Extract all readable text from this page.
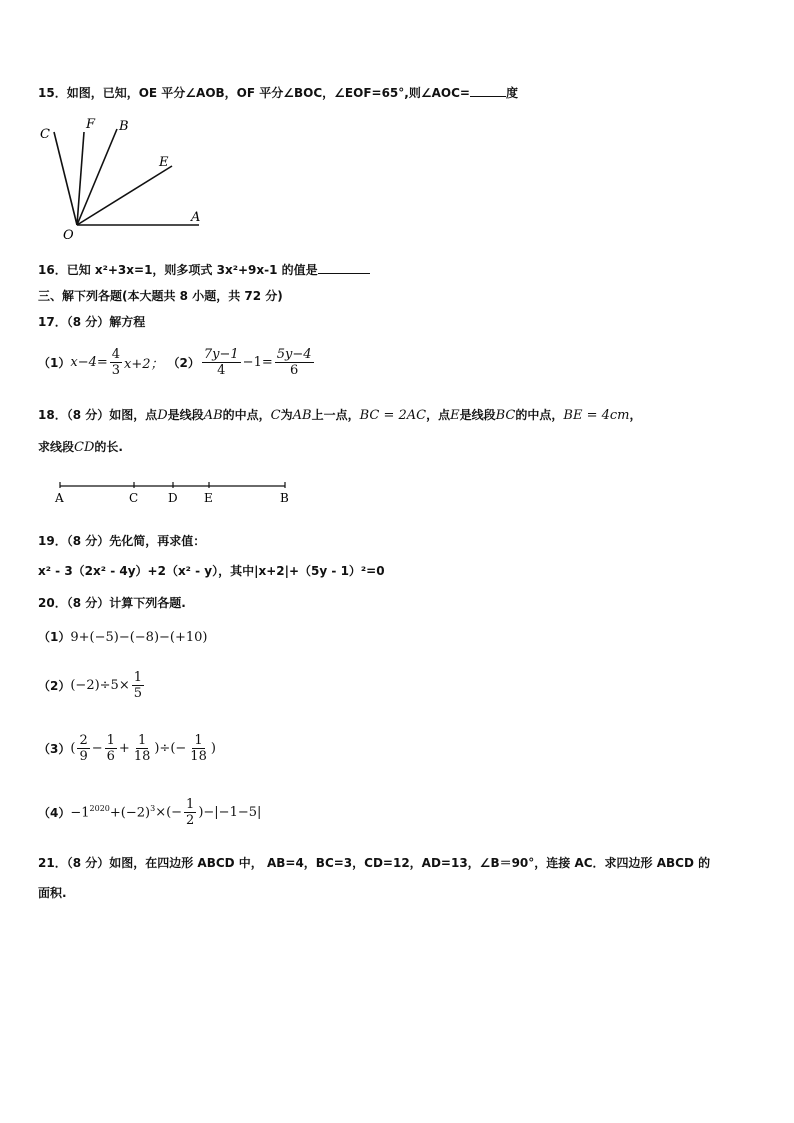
15．如图，已知，OE 平分∠AOB，OF 平分∠BOC，∠EOF=65°,则∠AOC=	度
C
F B
E
A
O
16．已知 x²+3x=1，则多项式 3x²+9x-1 的值是
三、解下列各题(本大题共 8 小题，共 72 分)
17．（8 分）解方程
（1） $x-4= \frac{4}{3} x+2$； $(2) \frac{7y-1}{4} -1= \frac{5y-4}{6}$
18．（8 分）如图，点D是线段AB的中点，C为AB上一点，BC = 2AC，点E是线段BC的中点，BE = 4cm，
求线段CD的长.
A	C D E	B
19．（8 分）先化简，再求值：
x² - 3（2x² - 4y）+2（x² - y），其中|x+2|+（5y - 1）²=0
20．（8 分）计算下列各题.
（1）9+(−5)−(−8)−(+10)
（2） $(-2)\div 5\times \frac{1}{5}$
（3） ( $\frac{2}{9} - \frac{1}{6} + \frac{1}{18}$ )÷(− $\frac{1}{18}$ )
$(4) -1^{2020} +(-2)^3$ ×(− $\frac{1}{2} )-|-1-5|$
21．（8 分）如图，在四边形 ABCD 中， AB=4，BC=3，CD=12，AD=13，∠B＝90°，连接 AC．求四边形 ABCD 的
面积.
